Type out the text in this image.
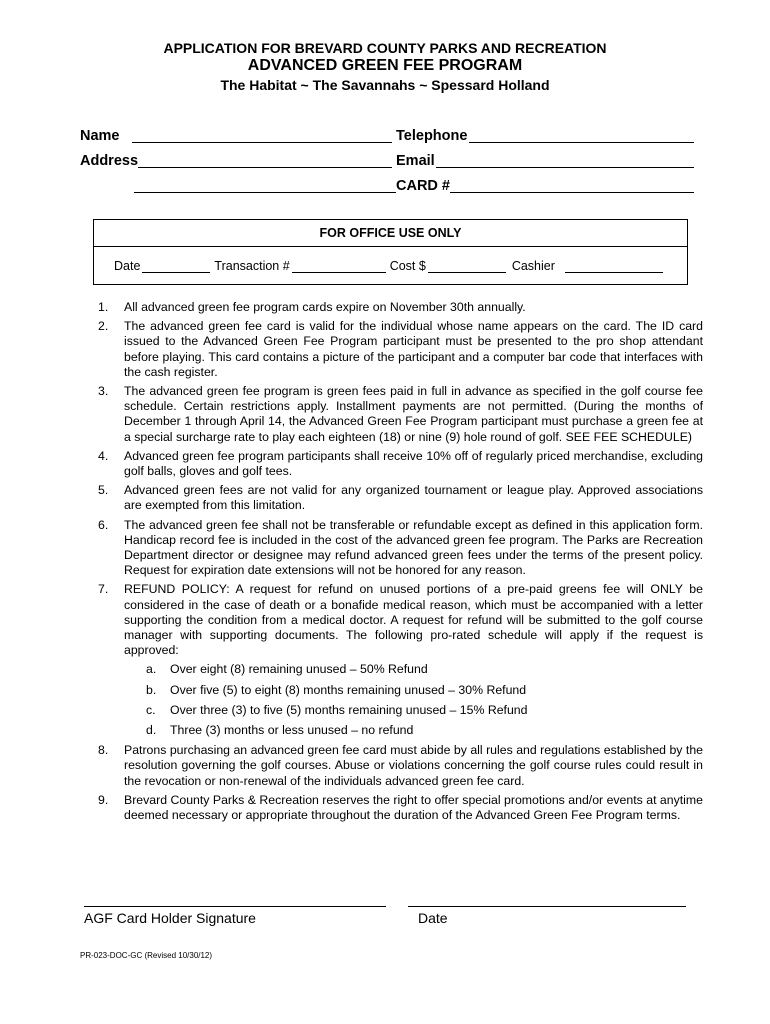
APPLICATION FOR BREVARD COUNTY PARKS AND RECREATION
ADVANCED GREEN FEE PROGRAM
The Habitat ~ The Savannahs ~ Spessard Holland
Name	Telephone
Address	Email
CARD #
FOR OFFICE USE ONLY
Date	Transaction #	Cost $	Cashier
1. All advanced green fee program cards expire on November 30th annually.
2. The advanced green fee card is valid for the individual whose name appears on the card. The ID card issued to the Advanced Green Fee Program participant must be presented to the pro shop attendant before playing. This card contains a picture of the participant and a computer bar code that interfaces with the cash register.
3. The advanced green fee program is green fees paid in full in advance as specified in the golf course fee schedule. Certain restrictions apply. Installment payments are not permitted. (During the months of December 1 through April 14, the Advanced Green Fee Program participant must purchase a green fee at a special surcharge rate to play each eighteen (18) or nine (9) hole round of golf. SEE FEE SCHEDULE)
4. Advanced green fee program participants shall receive 10% off of regularly priced merchandise, excluding golf balls, gloves and golf tees.
5. Advanced green fees are not valid for any organized tournament or league play. Approved associations are exempted from this limitation.
6. The advanced green fee shall not be transferable or refundable except as defined in this application form. Handicap record fee is included in the cost of the advanced green fee program. The Parks are Recreation Department director or designee may refund advanced green fees under the terms of the present policy. Request for expiration date extensions will not be honored for any reason.
7. REFUND POLICY: A request for refund on unused portions of a pre-paid greens fee will ONLY be considered in the case of death or a bonafide medical reason, which must be accompanied with a letter supporting the condition from a medical doctor. A request for refund will be submitted to the golf course manager with supporting documents. The following pro-rated schedule will apply if the request is approved:
a. Over eight (8) remaining unused – 50% Refund
b. Over five (5) to eight (8) months remaining unused – 30% Refund
c. Over three (3) to five (5) months remaining unused – 15% Refund
d. Three (3) months or less unused – no refund
8. Patrons purchasing an advanced green fee card must abide by all rules and regulations established by the resolution governing the golf courses. Abuse or violations concerning the golf course rules could result in the revocation or non-renewal of the individuals advanced green fee card.
9. Brevard County Parks & Recreation reserves the right to offer special promotions and/or events at anytime deemed necessary or appropriate throughout the duration of the Advanced Green Fee Program terms.
AGF Card Holder Signature	Date
PR-023-DOC-GC (Revised 10/30/12)
